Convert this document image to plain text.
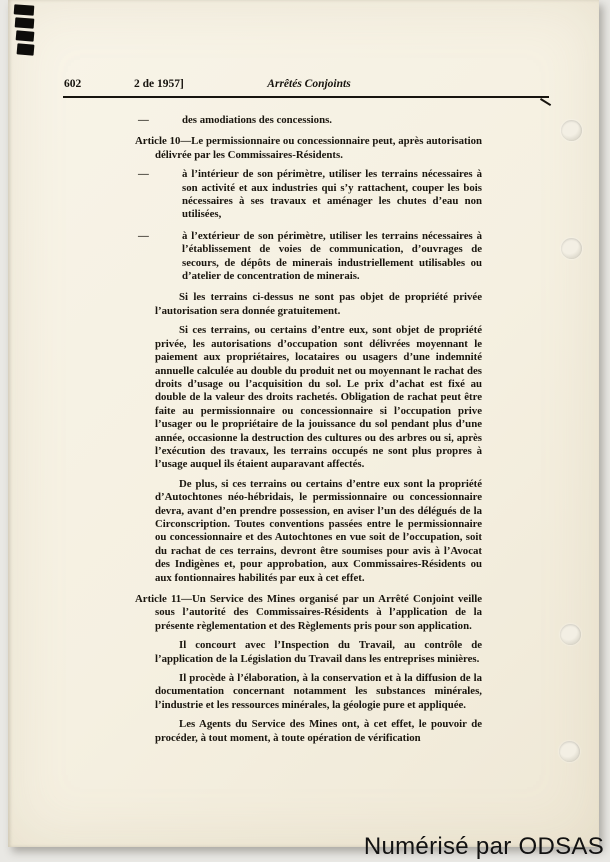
602	2 de 1957]	Arrêtés Conjoints

—	des amodiations des concessions.

Article 10—Le permissionnaire ou concessionnaire peut, après autorisation délivrée par les Commissaires-Résidents.

—	à l’intérieur de son périmètre, utiliser les terrains nécessaires à son activité et aux industries qui s’y rattachent, couper les bois nécessaires à ses travaux et aménager les chutes d’eau non utilisées,

—	à l’extérieur de son périmètre, utiliser les terrains nécessaires à l’établissement de voies de communication, d’ouvrages de secours, de dépôts de minerais industriellement utilisables ou d’atelier de concentration de minerais.

Si les terrains ci-dessus ne sont pas objet de propriété privée l’autorisation sera donnée gratuitement.

Si ces terrains, ou certains d’entre eux, sont objet de propriété privée, les autorisations d’occupation sont délivrées moyennant le paiement aux propriétaires, locataires ou usagers d’une indemnité annuelle calculée au double du produit net ou moyennant le rachat des droits d’usage ou l’acquisition du sol. Le prix d’achat est fixé au double de la valeur des droits rachetés. Obligation de rachat peut être faite au permissionnaire ou concessionnaire si l’occupation prive l’usager ou le propriétaire de la jouissance du sol pendant plus d’une année, occasionne la destruction des cultures ou des arbres ou si, après l’exécution des travaux, les terrains occupés ne sont plus propres à l’usage auquel ils étaient auparavant affectés.

De plus, si ces terrains ou certains d’entre eux sont la propriété d’Autochtones néo-hébridais, le permissionnaire ou concessionnaire devra, avant d’en prendre possession, en aviser l’un des délégués de la Circonscription. Toutes conventions passées entre le permissionnaire ou concessionnaire et des Autochtones en vue soit de l’occupation, soit du rachat de ces terrains, devront être soumises pour avis à l’Avocat des Indigènes et, pour approbation, aux Commissaires-Résidents ou aux fontionnaires habilités par eux à cet effet.

Article 11—Un Service des Mines organisé par un Arrêté Conjoint veille sous l’autorité des Commissaires-Résidents à l’application de la présente règlementation et des Règlements pris pour son application.

Il concourt avec l’Inspection du Travail, au contrôle de l’application de la Législation du Travail dans les entreprises minières.

Il procède à l’élaboration, à la conservation et à la diffusion de la documentation concernant notamment les substances minérales, l’industrie et les ressources minérales, la géologie pure et appliquée.

Les Agents du Service des Mines ont, à cet effet, le pouvoir de procéder, à tout moment, à toute opération de vérification

Numérisé par ODSAS
